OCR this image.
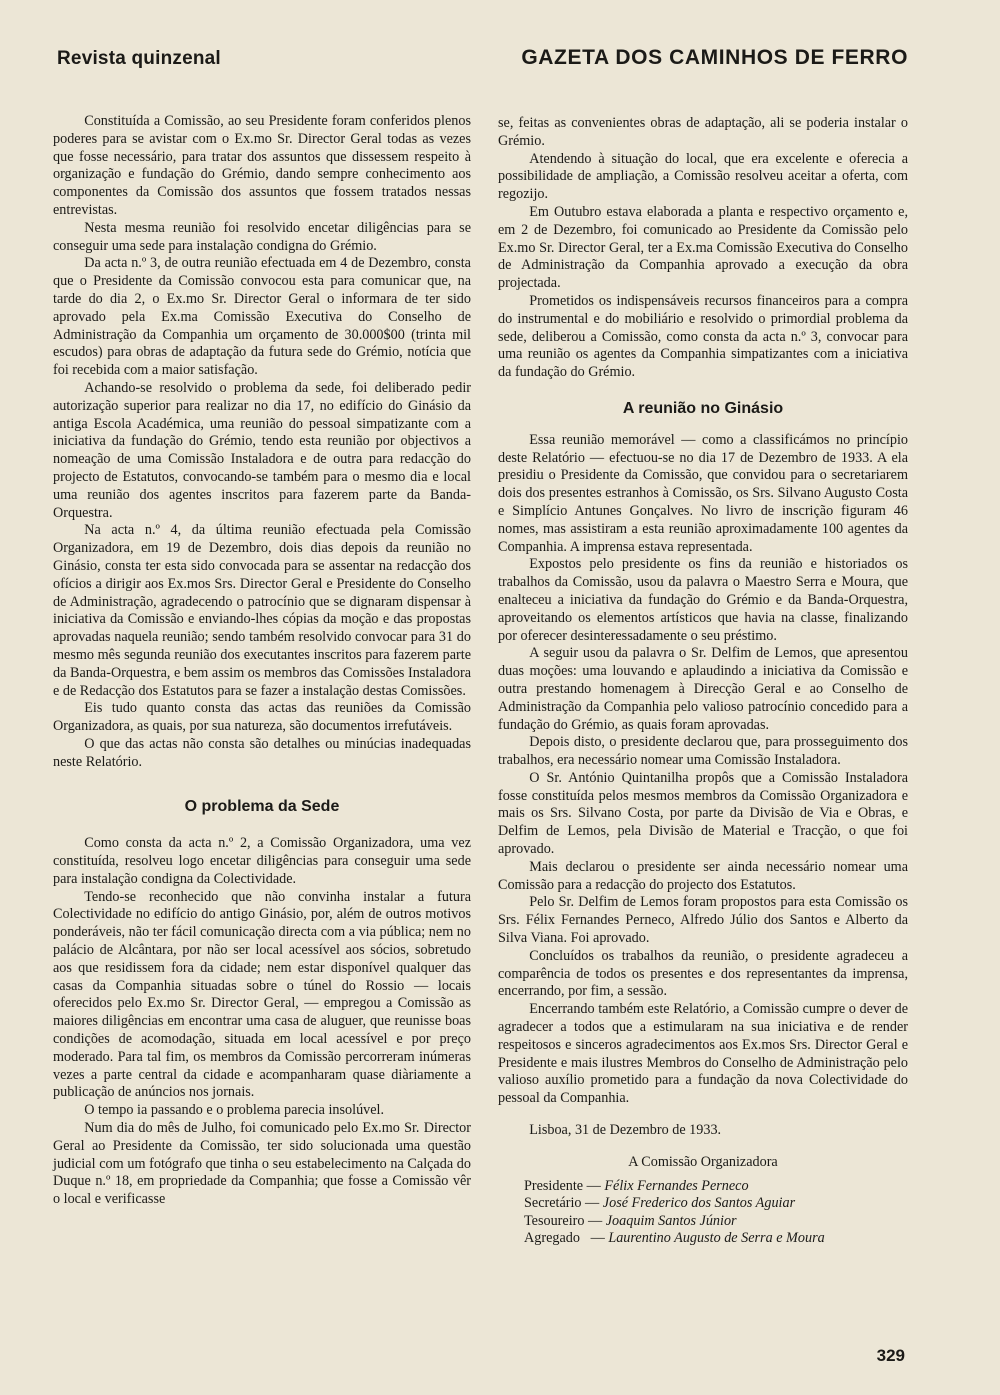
Revista quinzenal	GAZETA DOS CAMINHOS DE FERRO

Constituída a Comissão, ao seu Presidente foram conferidos plenos poderes para se avistar com o Ex.mo Sr. Director Geral todas as vezes que fosse necessário, para tratar dos assuntos que dissessem respeito à organização e fundação do Grémio, dando sempre conhecimento aos componentes da Comissão dos assuntos que fossem tratados nessas entrevistas.

Nesta mesma reunião foi resolvido encetar diligências para se conseguir uma sede para instalação condigna do Grémio.

Da acta n.º 3, de outra reunião efectuada em 4 de Dezembro, consta que o Presidente da Comissão convocou esta para comunicar que, na tarde do dia 2, o Ex.mo Sr. Director Geral o informara de ter sido aprovado pela Ex.ma Comissão Executiva do Conselho de Administração da Companhia um orçamento de 30.000$00 (trinta mil escudos) para obras de adaptação da futura sede do Grémio, notícia que foi recebida com a maior satisfação.

Achando-se resolvido o problema da sede, foi deliberado pedir autorização superior para realizar no dia 17, no edifício do Ginásio da antiga Escola Académica, uma reunião do pessoal simpatizante com a iniciativa da fundação do Grémio, tendo esta reunião por objectivos a nomeação de uma Comissão Instaladora e de outra para redacção do projecto de Estatutos, convocando-se também para o mesmo dia e local uma reunião dos agentes inscritos para fazerem parte da Banda-Orquestra.

Na acta n.º 4, da última reunião efectuada pela Comissão Organizadora, em 19 de Dezembro, dois dias depois da reunião no Ginásio, consta ter esta sido convocada para se assentar na redacção dos ofícios a dirigir aos Ex.mos Srs. Director Geral e Presidente do Conselho de Administração, agradecendo o patrocínio que se dignaram dispensar à iniciativa da Comissão e enviando-lhes cópias da moção e das propostas aprovadas naquela reunião; sendo também resolvido convocar para 31 do mesmo mês segunda reunião dos executantes inscritos para fazerem parte da Banda-Orquestra, e bem assim os membros das Comissões Instaladora e de Redacção dos Estatutos para se fazer a instalação destas Comissões.

Eis tudo quanto consta das actas das reuniões da Comissão Organizadora, as quais, por sua natureza, são documentos irrefutáveis.

O que das actas não consta são detalhes ou minúcias inadequadas neste Relatório.

O problema da Sede

Como consta da acta n.º 2, a Comissão Organizadora, uma vez constituída, resolveu logo encetar diligências para conseguir uma sede para instalação condigna da Colectividade.

Tendo-se reconhecido que não convinha instalar a futura Colectividade no edifício do antigo Ginásio, por, além de outros motivos ponderáveis, não ter fácil comunicação directa com a via pública; nem no palácio de Alcântara, por não ser local acessível aos sócios, sobretudo aos que residissem fora da cidade; nem estar disponível qualquer das casas da Companhia situadas sobre o túnel do Rossio — locais oferecidos pelo Ex.mo Sr. Director Geral, — empregou a Comissão as maiores diligências em encontrar uma casa de aluguer, que reunisse boas condições de acomodação, situada em local acessível e por preço moderado. Para tal fim, os membros da Comissão percorreram inúmeras vezes a parte central da cidade e acompanharam quase diàriamente a publicação de anúncios nos jornais.

O tempo ia passando e o problema parecia insolúvel.

Num dia do mês de Julho, foi comunicado pelo Ex.mo Sr. Director Geral ao Presidente da Comissão, ter sido solucionada uma questão judicial com um fotógrafo que tinha o seu estabelecimento na Calçada do Duque n.º 18, em propriedade da Companhia; que fosse a Comissão vêr o local e verificasse

se, feitas as convenientes obras de adaptação, ali se poderia instalar o Grémio.

Atendendo à situação do local, que era excelente e oferecia a possibilidade de ampliação, a Comissão resolveu aceitar a oferta, com regozijo.

Em Outubro estava elaborada a planta e respectivo orçamento e, em 2 de Dezembro, foi comunicado ao Presidente da Comissão pelo Ex.mo Sr. Director Geral, ter a Ex.ma Comissão Executiva do Conselho de Administração da Companhia aprovado a execução da obra projectada.

Prometidos os indispensáveis recursos financeiros para a compra do instrumental e do mobiliário e resolvido o primordial problema da sede, deliberou a Comissão, como consta da acta n.º 3, convocar para uma reunião os agentes da Companhia simpatizantes com a iniciativa da fundação do Grémio.

A reunião no Ginásio

Essa reunião memorável — como a classificámos no princípio deste Relatório — efectuou-se no dia 17 de Dezembro de 1933. A ela presidiu o Presidente da Comissão, que convidou para o secretariarem dois dos presentes estranhos à Comissão, os Srs. Silvano Augusto Costa e Simplício Antunes Gonçalves. No livro de inscrição figuram 46 nomes, mas assistiram a esta reunião aproximadamente 100 agentes da Companhia. A imprensa estava representada.

Expostos pelo presidente os fins da reunião e historiados os trabalhos da Comissão, usou da palavra o Maestro Serra e Moura, que enalteceu a iniciativa da fundação do Grémio e da Banda-Orquestra, aproveitando os elementos artísticos que havia na classe, finalizando por oferecer desinteressadamente o seu préstimo.

A seguir usou da palavra o Sr. Delfim de Lemos, que apresentou duas moções: uma louvando e aplaudindo a iniciativa da Comissão e outra prestando homenagem à Direcção Geral e ao Conselho de Administração da Companhia pelo valioso patrocínio concedido para a fundação do Grémio, as quais foram aprovadas.

Depois disto, o presidente declarou que, para prosseguimento dos trabalhos, era necessário nomear uma Comissão Instaladora.

O Sr. António Quintanilha propôs que a Comissão Instaladora fosse constituída pelos mesmos membros da Comissão Organizadora e mais os Srs. Silvano Costa, por parte da Divisão de Via e Obras, e Delfim de Lemos, pela Divisão de Material e Tracção, o que foi aprovado.

Mais declarou o presidente ser ainda necessário nomear uma Comissão para a redacção do projecto dos Estatutos.

Pelo Sr. Delfim de Lemos foram propostos para esta Comissão os Srs. Félix Fernandes Perneco, Alfredo Júlio dos Santos e Alberto da Silva Viana. Foi aprovado.

Concluídos os trabalhos da reunião, o presidente agradeceu a comparência de todos os presentes e dos representantes da imprensa, encerrando, por fim, a sessão.

Encerrando também este Relatório, a Comissão cumpre o dever de agradecer a todos que a estimularam na sua iniciativa e de render respeitosos e sinceros agradecimentos aos Ex.mos Srs. Director Geral e Presidente e mais ilustres Membros do Conselho de Administração pelo valioso auxílio prometido para a fundação da nova Colectividade do pessoal da Companhia.

Lisboa, 31 de Dezembro de 1933.

A Comissão Organizadora

Presidente — Félix Fernandes Perneco
Secretário — José Frederico dos Santos Aguiar
Tesoureiro — Joaquim Santos Júnior
Agregado   — Laurentino Augusto de Serra e Moura
329
